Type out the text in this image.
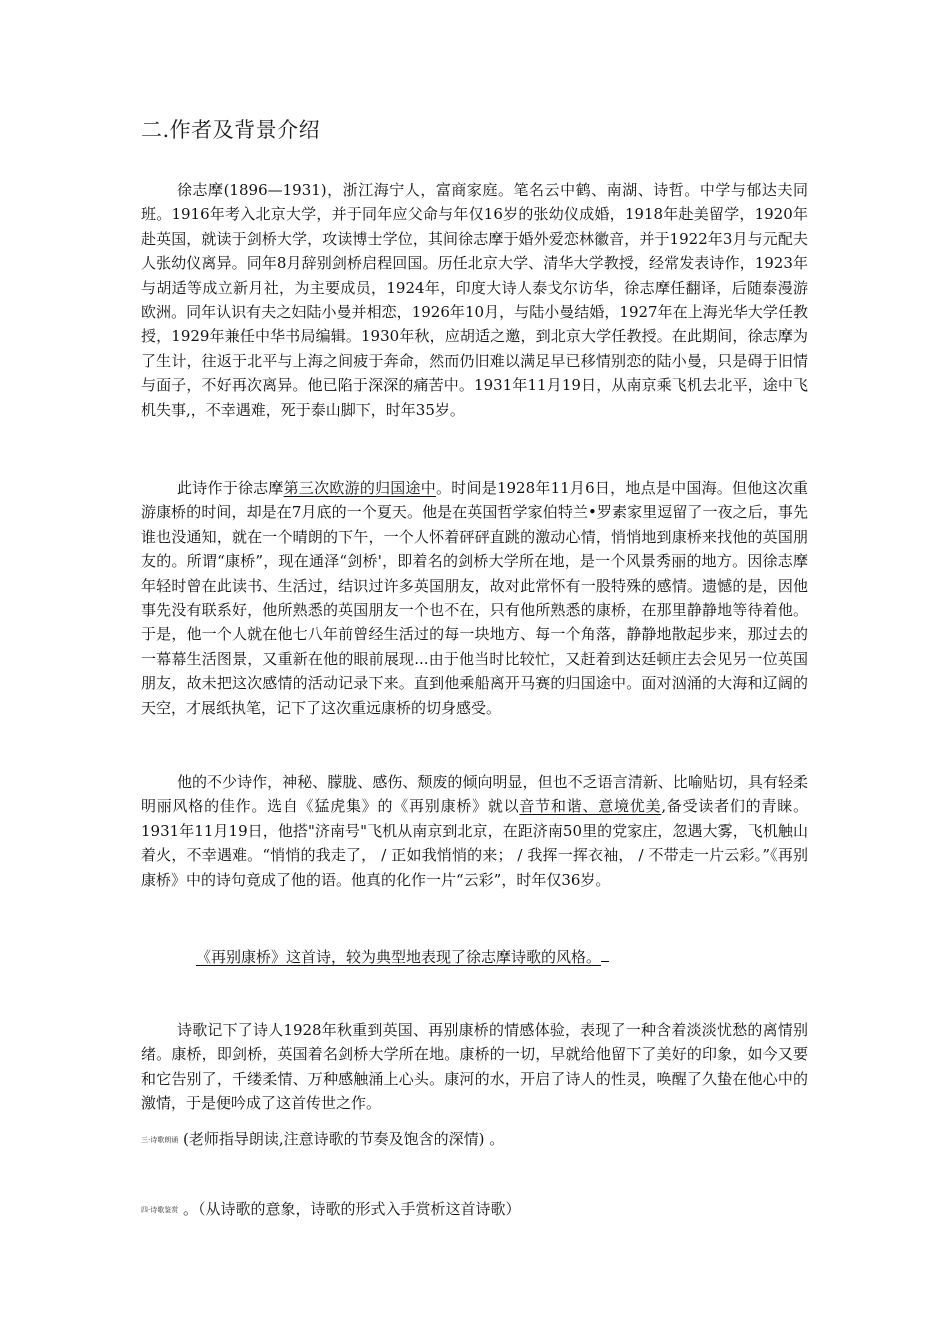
二.作者及背景介绍

徐志摩(1896—1931)，浙江海宁人，富商家庭。笔名云中鹤、南湖、诗哲。中学与郁达夫同班。1916年考入北京大学，并于同年应父命与年仅16岁的张幼仪成婚，1918年赴美留学，1920年赴英国，就读于剑桥大学，攻读博士学位，其间徐志摩于婚外爱恋林徽音，并于1922年3月与元配夫人张幼仪离异。同年8月辞别剑桥启程回国。历任北京大学、清华大学教授，经常发表诗作，1923年与胡适等成立新月社，为主要成员，1924年，印度大诗人泰戈尔访华，徐志摩任翻译，后随泰漫游欧洲。同年认识有夫之妇陆小曼并相恋，1926年10月，与陆小曼结婚，1927年在上海光华大学任教授，1929年兼任中华书局编辑。1930年秋，应胡适之邀，到北京大学任教授。在此期间，徐志摩为了生计，往返于北平与上海之间疲于奔命，然而仍旧难以满足早已移情别恋的陆小曼，只是碍于旧情与面子，不好再次离异。他已陷于深深的痛苦中。1931年11月19日，从南京乘飞机去北平，途中飞机失事,，不幸遇难，死于泰山脚下，时年35岁。

此诗作于徐志摩第三次欧游的归国途中。时间是1928年11月6日，地点是中国海。但他这次重游康桥的时间，却是在7月底的一个夏天。他是在英国哲学家伯特兰•罗素家里逗留了一夜之后，事先谁也没通知，就在一个晴朗的下午，一个人怀着砰砰直跳的激动心情，悄悄地到康桥来找他的英国朋友的。所谓“康桥”，现在通泽“剑桥'，即着名的剑桥大学所在地，是一个风景秀丽的地方。因徐志摩年轻时曾在此读书、生活过，结识过许多英国朋友，故对此常怀有一股特殊的感情。遗憾的是，因他事先没有联系好，他所熟悉的英国朋友一个也不在，只有他所熟悉的康桥，在那里静静地等待着他。于是，他一个人就在他七八年前曾经生活过的每一块地方、每一个角落，静静地散起步来，那过去的一幕幕生活图景，又重新在他的眼前展现...由于他当时比较忙，又赶着到达廷顿庄去会见另一位英国朋友，故未把这次感情的活动记录下来。直到他乘船离开马赛的归国途中。面对汹涌的大海和辽阔的天空，才展纸执笔，记下了这次重远康桥的切身感受。

他的不少诗作，神秘、朦胧、感伤、颓废的倾向明显，但也不乏语言清新、比喻贴切，具有轻柔明丽风格的佳作。选自《猛虎集》的《再别康桥》就以音节和谐、意境优美,备受读者们的青睐。1931年11月19日，他搭"济南号"飞机从南京到北京，在距济南50里的党家庄，忽遇大雾，飞机触山着火，不幸遇难。“悄悄的我走了， / 正如我悄悄的来； / 我挥一挥衣袖， / 不带走一片云彩。”《再别康桥》中的诗句竟成了他的语。他真的化作一片“云彩”，时年仅36岁。

《再别康桥》这首诗，较为典型地表现了徐志摩诗歌的风格。

诗歌记下了诗人1928年秋重到英国、再别康桥的情感体验，表现了一种含着淡淡忧愁的离情别绪。康桥，即剑桥，英国着名剑桥大学所在地。康桥的一切，早就给他留下了美好的印象，如今又要和它告别了，千缕柔情、万种感触涌上心头。康河的水，开启了诗人的性灵，唤醒了久蛰在他心中的激情，于是便吟成了这首传世之作。

三·诗歌朗诵 (老师指导朗读,注意诗歌的节奏及饱含的深情) 。
四·诗歌鉴赏 。（从诗歌的意象，诗歌的形式入手赏析这首诗歌）
